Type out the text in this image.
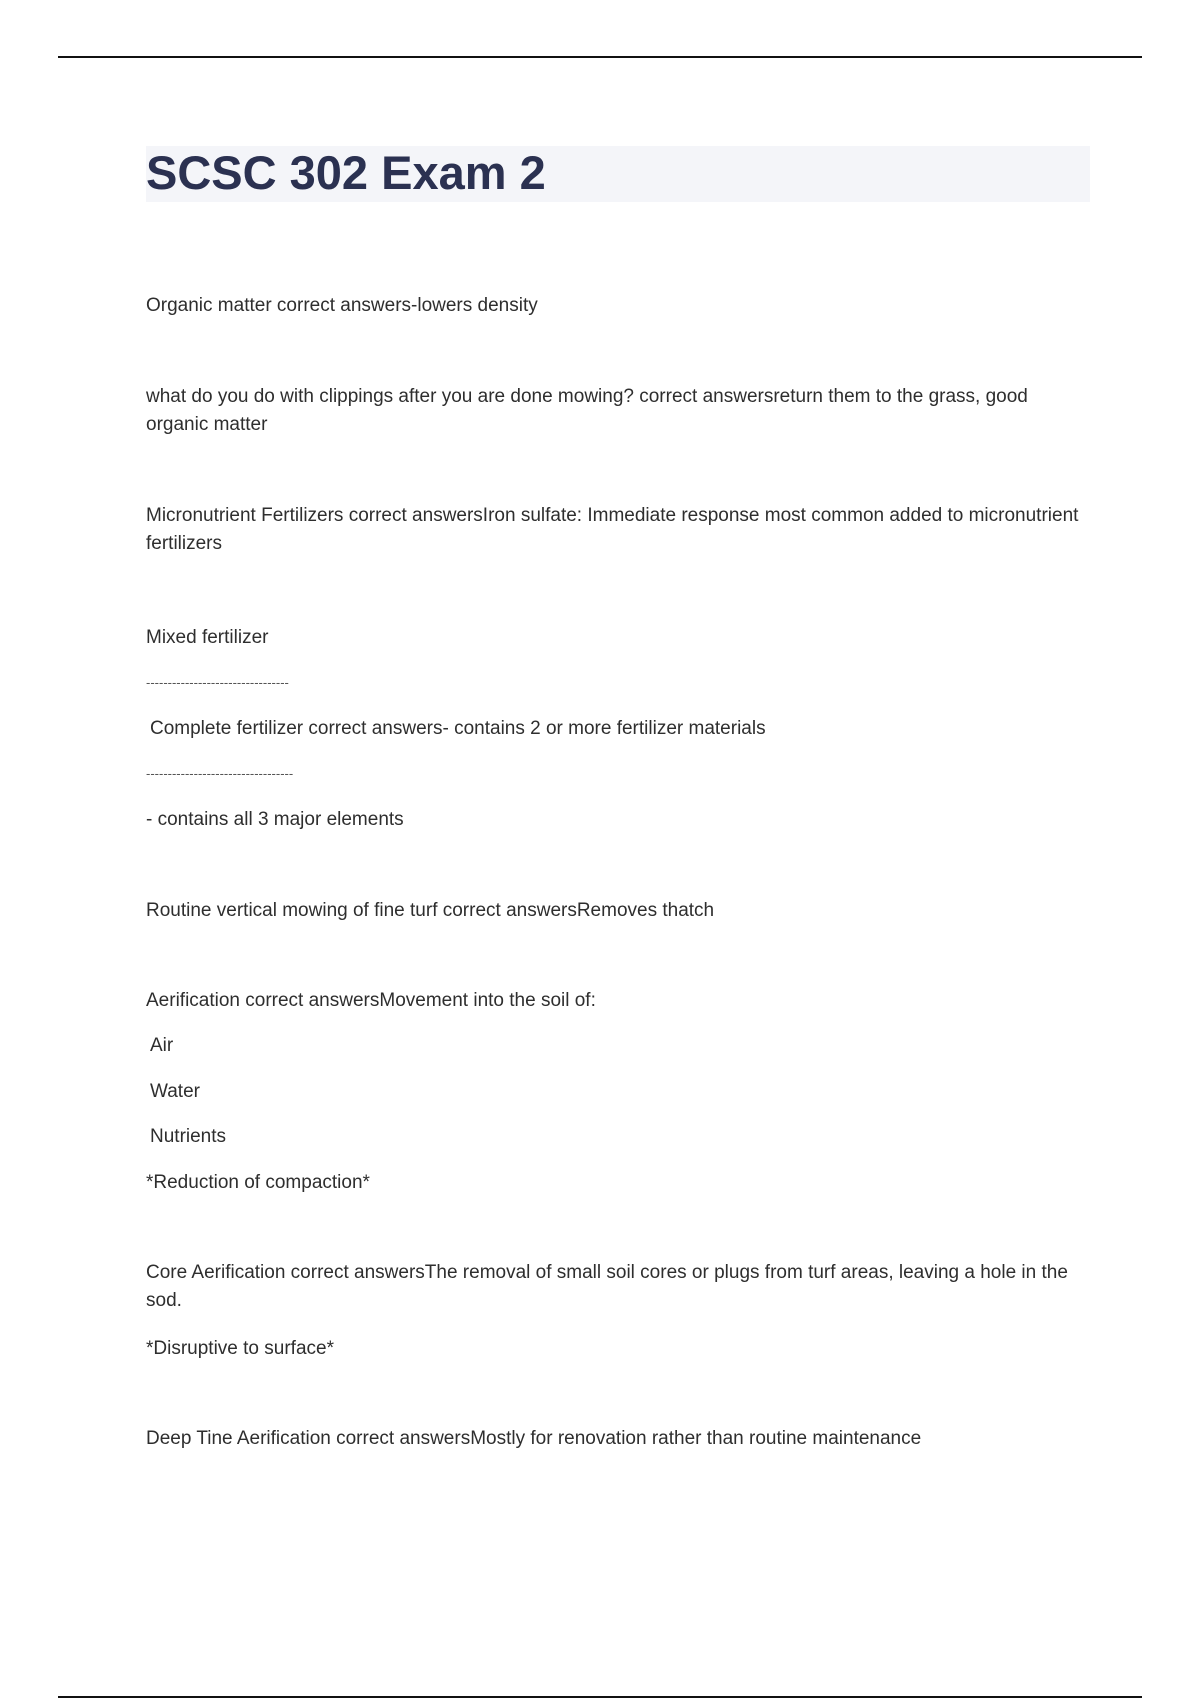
SCSC 302 Exam 2
Organic matter correct answers-lowers density
what do you do with clippings after you are done mowing? correct answersreturn them to the grass, good organic matter
Micronutrient Fertilizers correct answersIron sulfate: Immediate response most common added to micronutrient fertilizers
Mixed fertilizer
---------------------------------
Complete fertilizer correct answers- contains 2 or more fertilizer materials
----------------------------------
- contains all 3 major elements
Routine vertical mowing of fine turf correct answersRemoves thatch
Aerification correct answersMovement into the soil of:
Air
Water
Nutrients
*Reduction of compaction*
Core Aerification correct answersThe removal of small soil cores or plugs from turf areas, leaving a hole in the sod.
*Disruptive to surface*
Deep Tine Aerification correct answersMostly for renovation rather than routine maintenance
